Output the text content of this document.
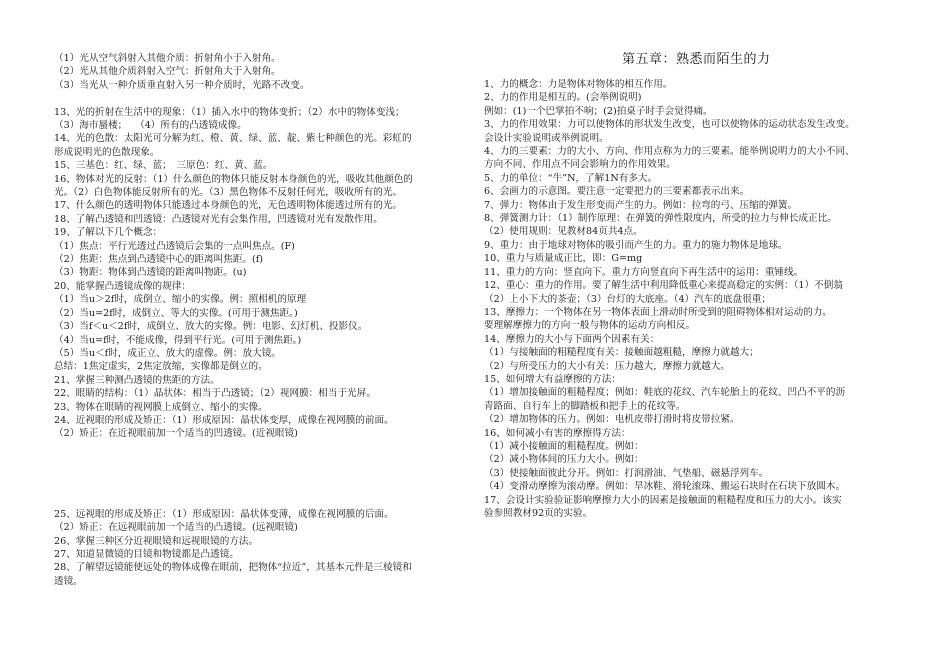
第五章：熟悉而陌生的力
（1）光从空气斜射入其他介质：折射角小于入射角。
（2）光从其他介质斜射入空气：折射角大于入射角。
（3）当光从一种介质垂直射入另一种介质时，光路不改变。
13、光的折射在生活中的现象：（1）插入水中的物体变折；（2）水中的物体变浅；
（3）海市蜃楼；　 （4）所有的凸透镜成像。
14、光的色散：太阳光可分解为红、橙、黄、绿、蓝、靛、紫七种颜色的光。彩虹的
形成说明光的色散现象。
15、三基色：红、绿、蓝；　三原色：红、黄、蓝。
16、物体对光的反射：（1）什么颜色的物体只能反射本身颜色的光，吸收其他颜色的
光。（2）白色物体能反射所有的光。（3）黑色物体不反射任何光，吸收所有的光。
17、什么颜色的透明物体只能透过本身颜色的光，无色透明物体能透过所有的光。
18、了解凸透镜和凹透镜：凸透镜对光有会集作用，凹透镜对光有发散作用。
19、了解以下几个概念：
（1）焦点：平行光透过凸透镜后会集的一点叫焦点。(F)
（2）焦距：焦点到凸透镜中心的距离叫焦距。(f)
（3）物距：物体到凸透镜的距离叫物距。(u)
20、能掌握凸透镜成像的规律：
（1）当u＞2f时，成倒立、缩小的实像。例：照相机的原理
（2）当u=2f时，成倒立、等大的实像。(可用于测焦距。)
（3）当f＜u＜2f时，成倒立、放大的实像。例：电影、幻灯机、投影仪。
（4）当u=f时，不能成像，得到平行光。(可用于测焦距。)
（5）当u＜f时，成正立、放大的虚像。例：放大镜。
总结：1焦定虚实，2焦定放缩，实像都是倒立的。
21、掌握三种测凸透镜的焦距的方法。
22、眼睛的结构：（1）晶状体：相当于凸透镜；（2）视网膜：相当于光屏。
23、物体在眼睛的视网膜上成倒立、缩小的实像。
24、近视眼的形成及矫正：（1）形成原因：晶状体变厚，成像在视网膜的前面。
（2）矫正：在近视眼前加一个适当的凹透镜。(近视眼镜)
25、远视眼的形成及矫正：（1）形成原因：晶状体变薄，成像在视网膜的后面。
（2）矫正：在远视眼前加一个适当的凸透镜。(远视眼镜)
26、掌握三种区分近视眼镜和远视眼镜的方法。
27、知道显微镜的目镜和物镜都是凸透镜。
28、了解望远镜能使远处的物体成像在眼前，把物体“拉近”，其基本元件是三棱镜和
透镜。
1、力的概念：力是物体对物体的相互作用。
2、力的作用是相互的。(会举例说明)
例如：(1)一个巴掌拍不响；(2)拍桌子时手会觉得痛。
3、力的作用效果：力可以使物体的形状发生改变，也可以使物体的运动状态发生改变。
会设计实验说明或举例说明。
4、力的三要素：力的大小、方向、作用点称为力的三要素。能举例说明力的大小不同、
方向不同、作用点不同会影响力的作用效果。
5、力的单位：“牛”N，了解1N有多大。
6、会画力的示意图。要注意一定要把力的三要素都表示出来。
7、弹力：物体由于发生形变而产生的力。例如：拉弯的弓、压缩的弹簧。
8、弹簧测力计：（1）制作原理：在弹簧的弹性限度内，所受的拉力与伸长成正比。
（2）使用规则：见教材84页共4点。
9、重力：由于地球对物体的吸引而产生的力。重力的施力物体是地球。
10、重力与质量成正比，即：G=mg
11、重力的方向：竖直向下。重力方向竖直向下再生活中的运用：重锤线。
12、重心：重力的作用。要了解生活中利用降低重心来提高稳定的实例：（1）不倒翁
（2）上小下大的茶壶；（3）台灯的大底座。（4）汽车的底盘很重；
13、摩擦力：一个物体在另一物体表面上滑动时所受到的阻碍物体相对运动的力。
要理解摩擦力的方向一般与物体的运动方向相反。
14、摩擦力的大小与下面两个因素有关：
（1）与接触面的粗糙程度有关：接触面越粗糙，摩擦力就越大；
（2）与所受压力的大小有关：压力越大，摩擦力就越大。
15、如何增大有益摩擦的方法：
（1）增加接触面的粗糙程度；例如：鞋底的花纹、汽车轮胎上的花纹、凹凸不平的沥
青路面、自行车上的脚踏板和把手上的花纹等。
（2）增加物体的压力。例如：电机皮带打滑时将皮带拉紧。
16、如何减小有害的摩擦得方法：
（1）减小接触面的粗糙程度。例如：
（2）减小物体间的压力大小。例如：
（3）使接触面彼此分开。例如：打润滑油、气垫船、磁悬浮列车。
（4）变滑动摩擦为滚动摩。例如：旱冰鞋、滑轮滚珠、搬运石块时在石块下放圆木。
17、会设计实验验证影响摩擦力大小的因素是接触面的粗糙程度和压力的大小。该实
验参照教材92页的实验。
